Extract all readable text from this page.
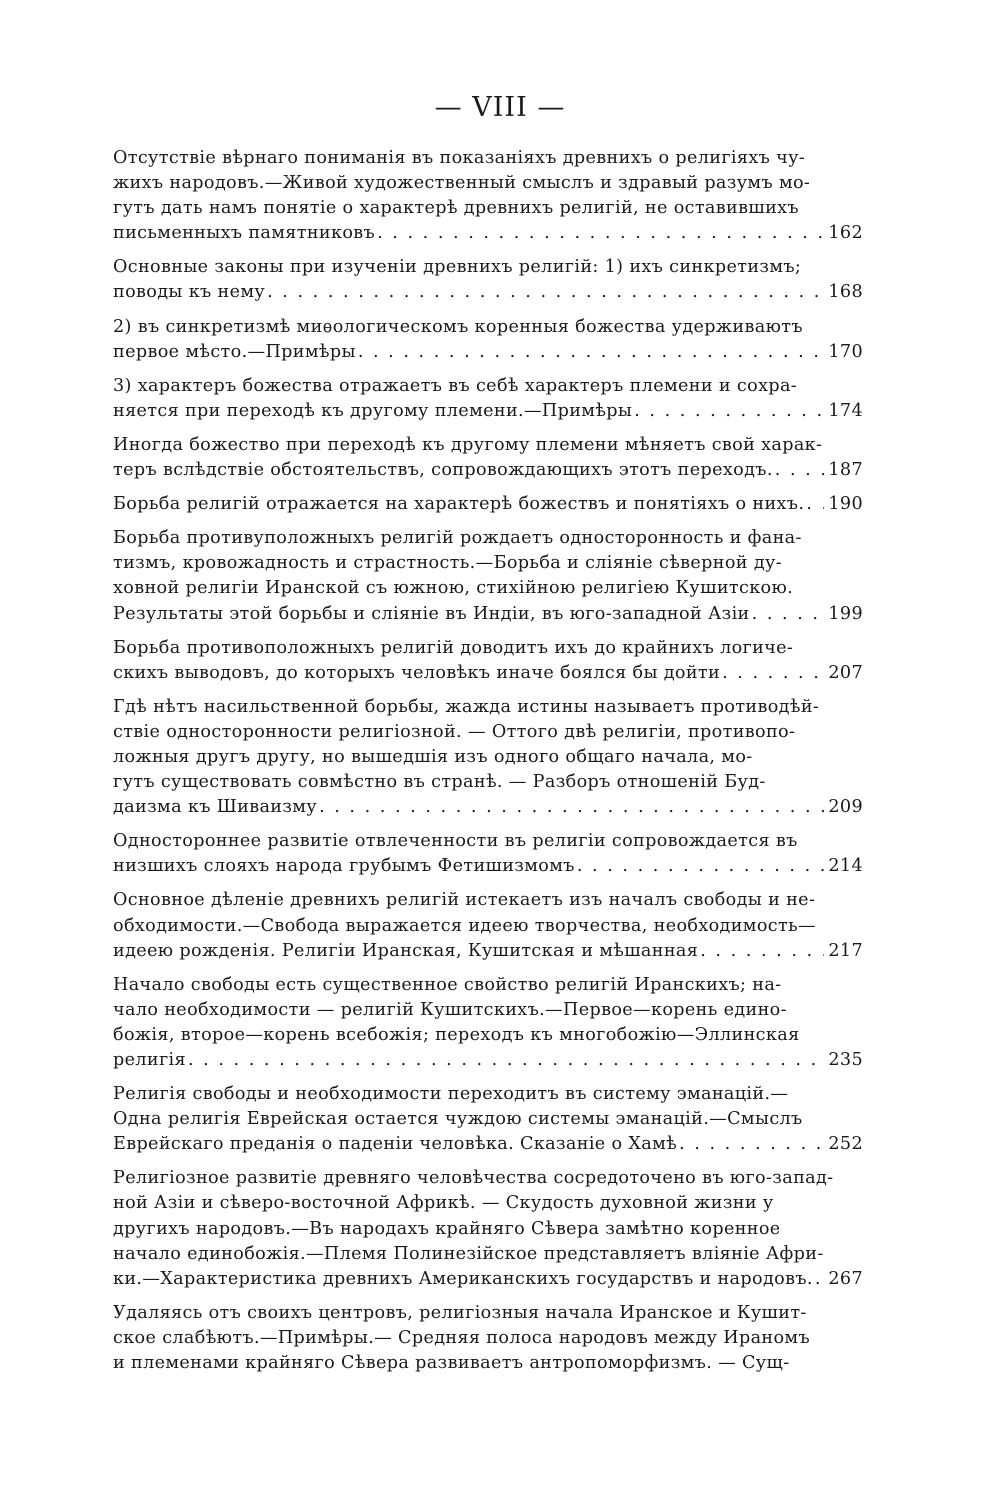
— VIII —
Отсутствіе вѣрнаго пониманія въ показаніяхъ древнихъ о религіяхъ чу-
жихъ народовъ.—Живой художественный смыслъ и здравый разумъ мо-
гутъ дать намъ понятіе о характерѣ древнихъ религій, не оставившихъ
письменныхъ памятниковъ . . .	162
Основные законы при изученіи древнихъ религій: 1) ихъ синкретизмъ;
поводы къ нему . . .	168
2) въ синкретизмѣ миѳологическомъ коренныя божества удерживаютъ
первое мѣсто.—Примѣры . . .	170
3) характеръ божества отражаетъ въ себѣ характеръ племени и сохра-
няется при переходѣ къ другому племени.—Примѣры . . .	174
Иногда божество при переходѣ къ другому племени мѣняетъ свой харак-
теръ вслѣдствіе обстоятельствъ, сопровождающихъ этотъ переходъ. . . .	187
Борьба религій отражается на характерѣ божествъ и понятіяхъ о нихъ. . . . 190
Борьба противуположныхъ религій рождаетъ односторонность и фана-
тизмъ, кровожадность и страстность.—Борьба и сліяніе сѣверной ду-
ховной религіи Иранской съ южною, стихійною религіею Кушитскою.
Результаты этой борьбы и сліяніе въ Индіи, въ юго-западной Азіи . . .	199
Борьба противоположныхъ религій доводитъ ихъ до крайнихъ логиче-
скихъ выводовъ, до которыхъ человѣкъ иначе боялся бы дойти . . .	207
Гдѣ нѣтъ насильственной борьбы, жажда истины называетъ противодѣй-
ствіе односторонности религіозной. — Оттого двѣ религіи, противопо-
ложныя другъ другу, но вышедшія изъ одного общаго начала, мо-
гутъ существовать совмѣстно въ странѣ. — Разборъ отношеній Буд-
даизма къ Шиваизму . . .	209
Одностороннее развитіе отвлеченности въ религіи сопровождается въ
низшихъ слояхъ народа грубымъ Фетишизмомъ . . .	214
Основное дѣленіе древнихъ религій истекаетъ изъ началъ свободы и не-
обходимости.—Свобода выражается идеею творчества, необходимость—
идеею рожденія. Религіи Иранская, Кушитская и мѣшанная . . .	217
Начало свободы есть существенное свойство религій Иранскихъ; на-
чало необходимости — религій Кушитскихъ.—Первое—корень едино-
божія, второе—корень всебожія; переходъ къ многобожію—Эллинская
религія . . .	235
Религія свободы и необходимости переходитъ въ систему эманацій.—
Одна религія Еврейская остается чуждою системы эманацій.—Смыслъ
Еврейскаго преданія о паденіи человѣка. Сказаніе о Хамѣ . . .	252
Религіозное развитіе древняго человѣчества сосредоточено въ юго-запад-
ной Азіи и сѣверо-восточной Африкѣ. — Скудость духовной жизни у
другихъ народовъ.—Въ народахъ крайняго Сѣвера замѣтно коренное
начало единобожія.—Племя Полинезійское представляетъ вліяніе Афри-
ки.—Характеристика древнихъ Американскихъ государствъ и народовъ. . . . 267
Удаляясь отъ своихъ центровъ, религіозныя начала Иранское и Кушит-
ское слабѣютъ.—Примѣры.— Средняя полоса народовъ между Ираномъ
и племенами крайняго Сѣвера развиваетъ антропоморфизмъ. — Сущ-
